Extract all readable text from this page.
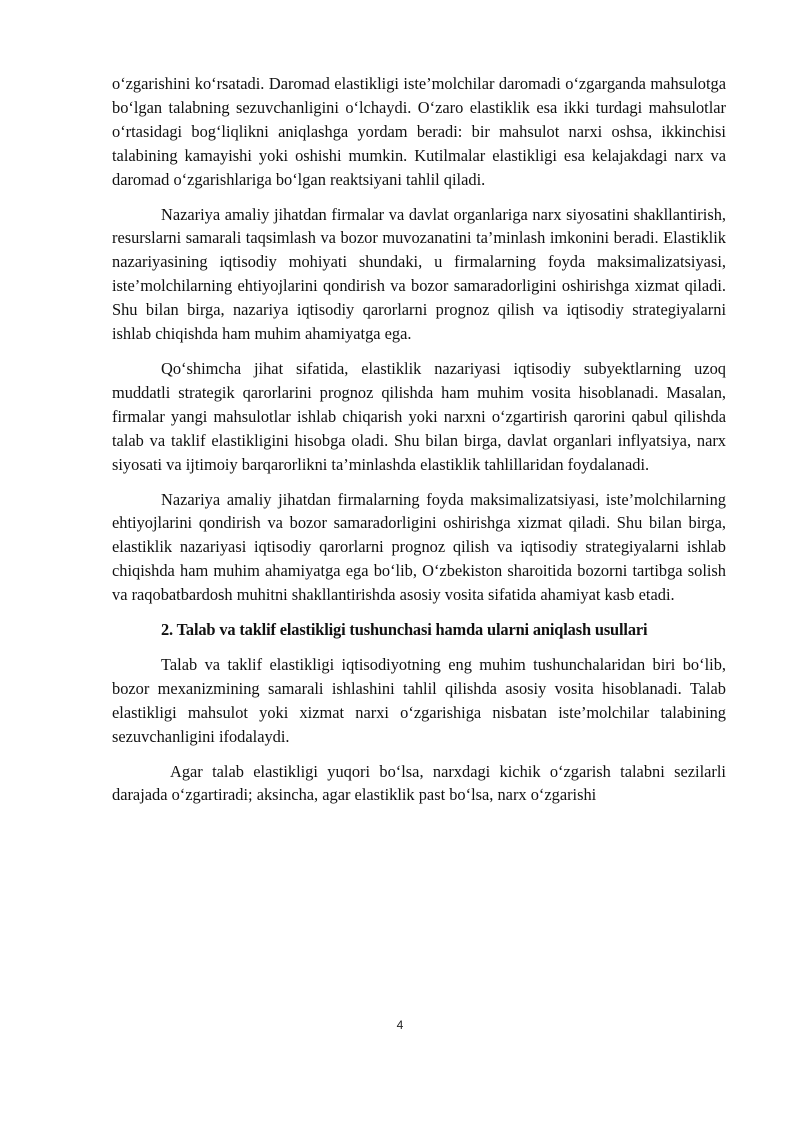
o‘zgarishini ko‘rsatadi. Daromad elastikligi iste’molchilar daromadi o‘zgarganda mahsulotga bo‘lgan talabning sezuvchanligini o‘lchaydi. O‘zaro elastiklik esa ikki turdagi mahsulotlar o‘rtasidagi bog‘liqlikni aniqlashga yordam beradi: bir mahsulot narxi oshsa, ikkinchisi talabining kamayishi yoki oshishi mumkin. Kutilmalar elastikligi esa kelajakdagi narx va daromad o‘zgarishlariga bo‘lgan reaktsiyani tahlil qiladi.

Nazariya amaliy jihatdan firmalar va davlat organlariga narx siyosatini shakllantirish, resurslarni samarali taqsimlash va bozor muvozanatini ta’minlash imkonini beradi. Elastiklik nazariyasining iqtisodiy mohiyati shundaki, u firmalarning foyda maksimalizatsiyasi, iste’molchilarning ehtiyojlarini qondirish va bozor samaradorligini oshirishga xizmat qiladi. Shu bilan birga, nazariya iqtisodiy qarorlarni prognoz qilish va iqtisodiy strategiyalarni ishlab chiqishda ham muhim ahamiyatga ega.

Qo‘shimcha jihat sifatida, elastiklik nazariyasi iqtisodiy subyektlarning uzoq muddatli strategik qarorlarini prognoz qilishda ham muhim vosita hisoblanadi. Masalan, firmalar yangi mahsulotlar ishlab chiqarish yoki narxni o‘zgartirish qarorini qabul qilishda talab va taklif elastikligini hisobga oladi. Shu bilan birga, davlat organlari inflyatsiya, narx siyosati va ijtimoiy barqarorlikni ta’minlashda elastiklik tahlillaridan foydalanadi.

Nazariya amaliy jihatdan firmalarning foyda maksimalizatsiyasi, iste’molchilarning ehtiyojlarini qondirish va bozor samaradorligini oshirishga xizmat qiladi. Shu bilan birga, elastiklik nazariyasi iqtisodiy qarorlarni prognoz qilish va iqtisodiy strategiyalarni ishlab chiqishda ham muhim ahamiyatga ega bo‘lib, O‘zbekiston sharoitida bozorni tartibga solish va raqobatbardosh muhitni shakllantirishda asosiy vosita sifatida ahamiyat kasb etadi.

2. Talab va taklif elastikligi tushunchasi hamda ularni aniqlash usullari

Talab va taklif elastikligi iqtisodiyotning eng muhim tushunchalaridan biri bo‘lib, bozor mexanizmining samarali ishlashini tahlil qilishda asosiy vosita hisoblanadi. Talab elastikligi mahsulot yoki xizmat narxi o‘zgarishiga nisbatan iste’molchilar talabining sezuvchanligini ifodalaydi.

Agar talab elastikligi yuqori bo‘lsa, narxdagi kichik o‘zgarish talabni sezilarli darajada o‘zgartiradi; aksincha, agar elastiklik past bo‘lsa, narx o‘zgarishi

4
